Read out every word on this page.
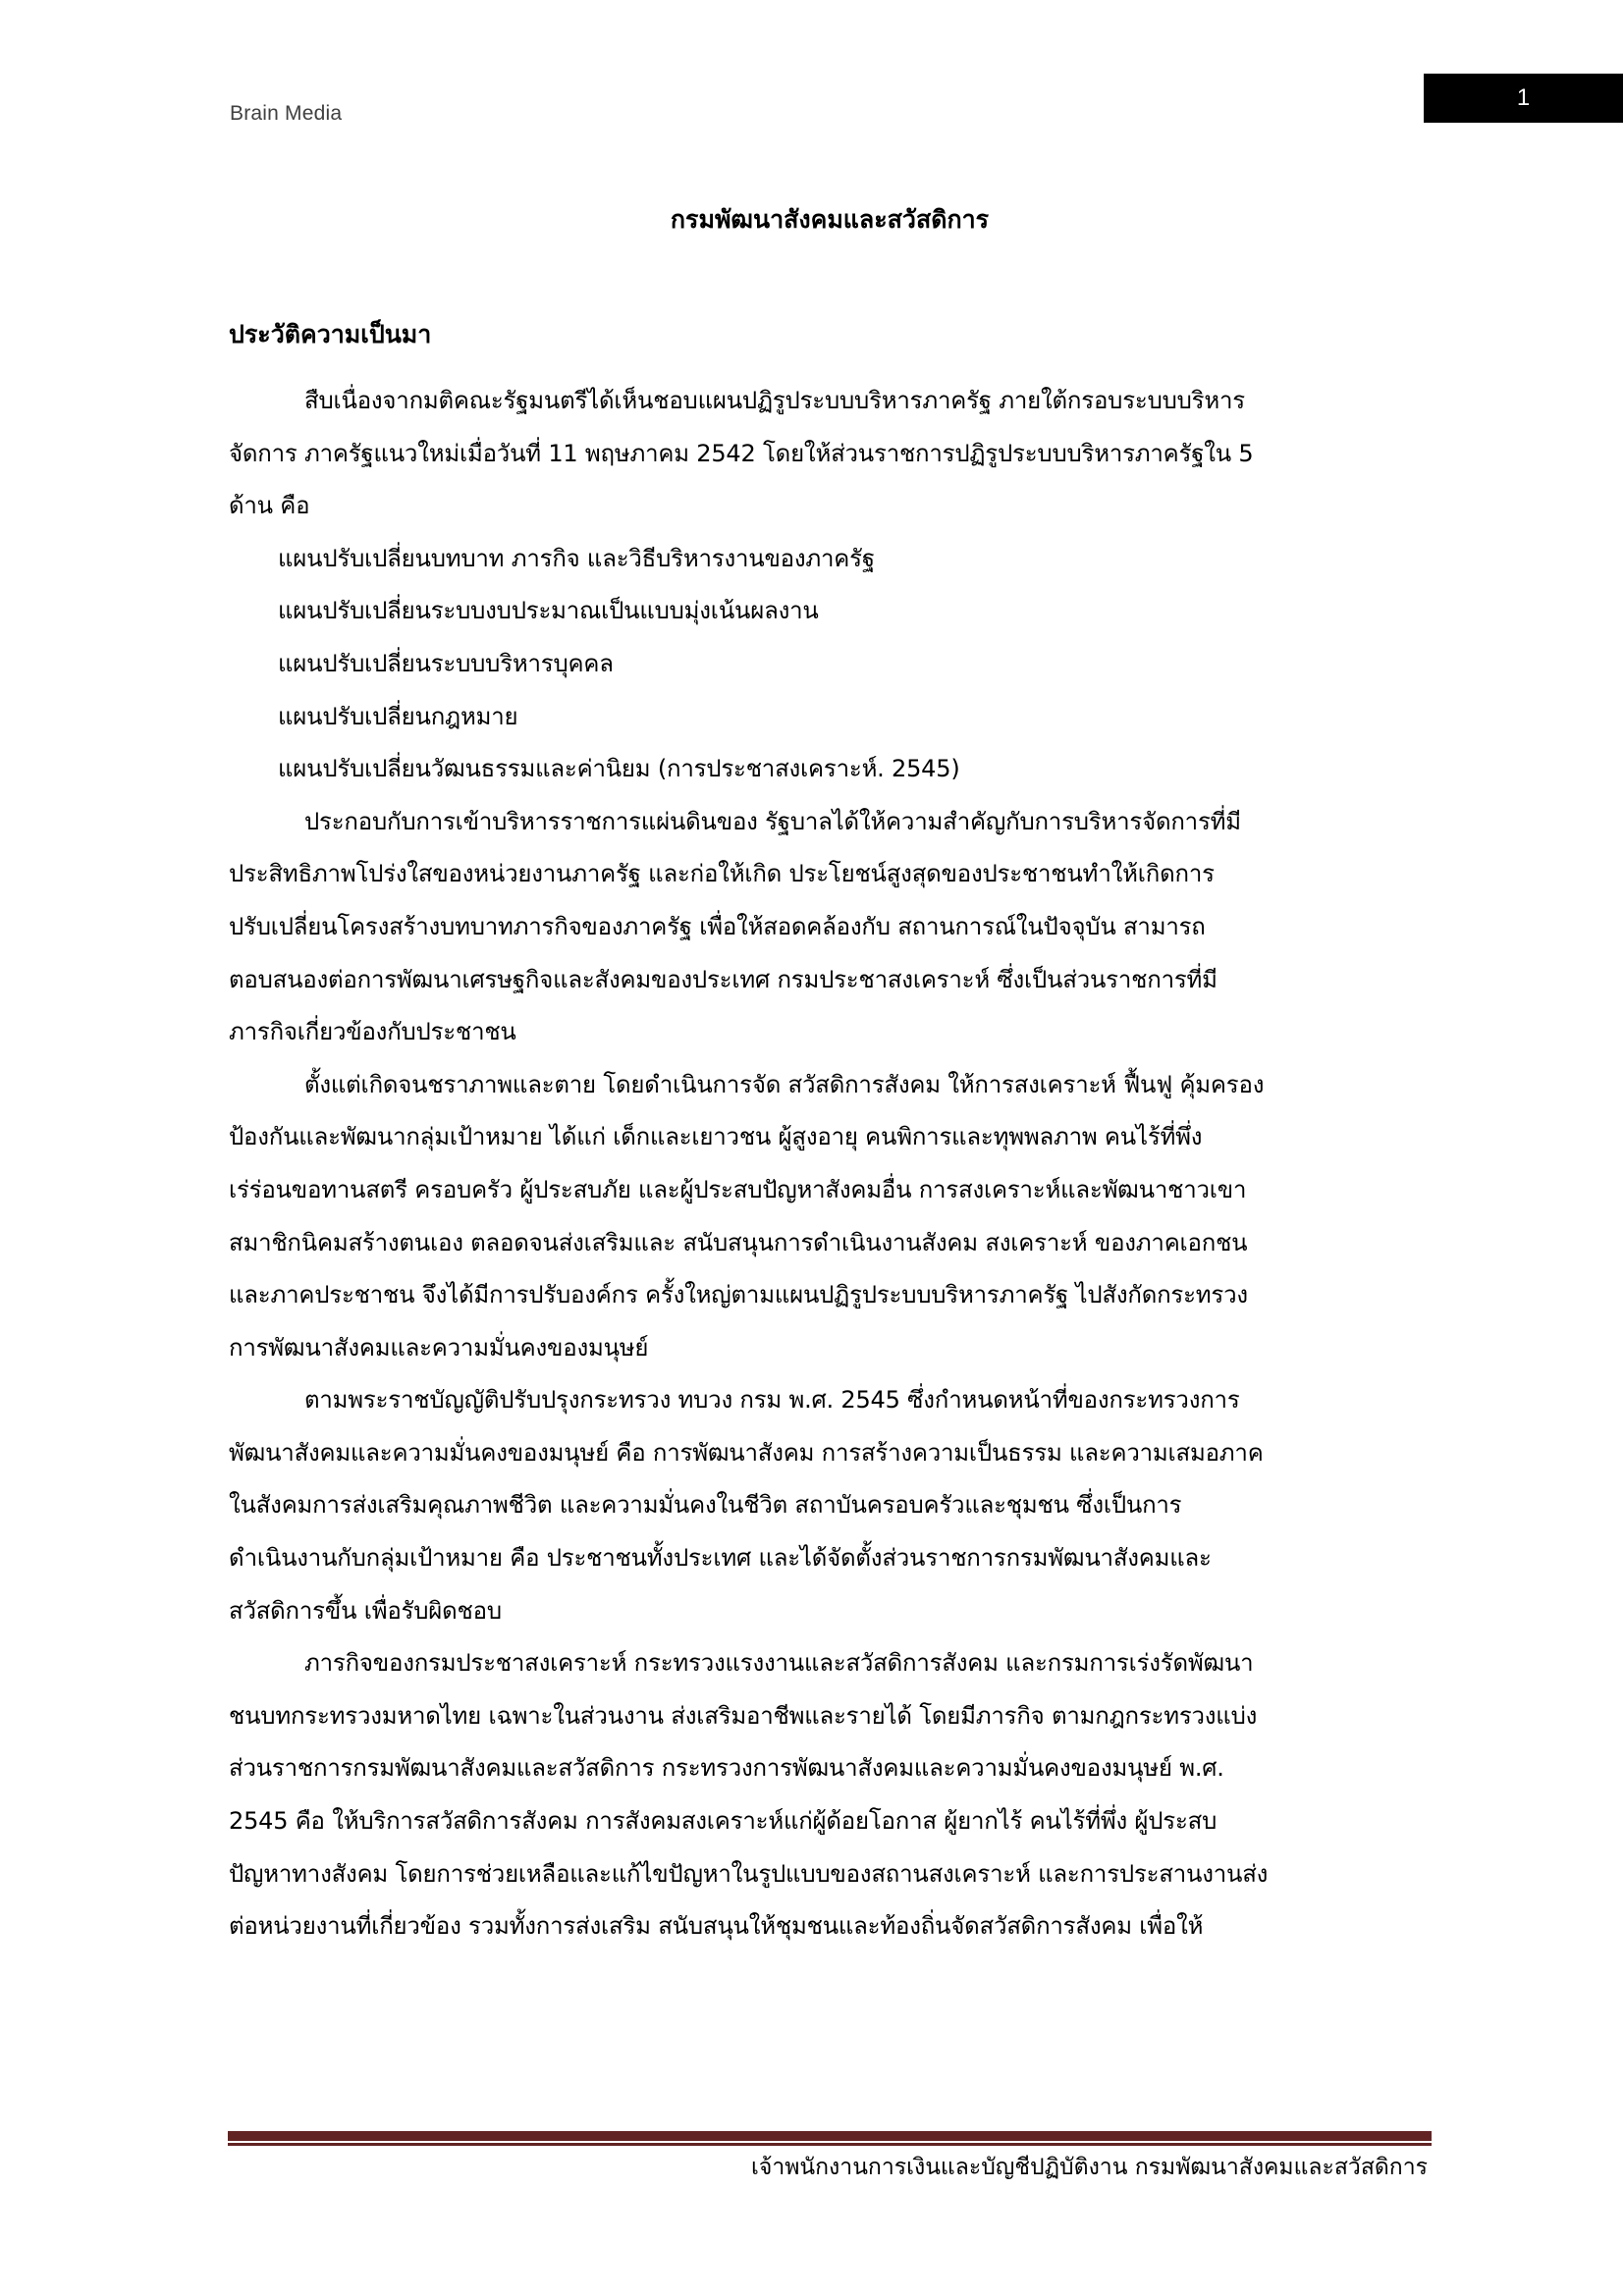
Brain Media
1
กรมพัฒนาสังคมและสวัสดิการ
ประวัติความเป็นมา
สืบเนื่องจากมติคณะรัฐมนตรีได้เห็นชอบแผนปฏิรูประบบบริหารภาครัฐ ภายใต้กรอบระบบบริหาร
จัดการ ภาครัฐแนวใหม่เมื่อวันที่ 11 พฤษภาคม 2542 โดยให้ส่วนราชการปฏิรูประบบบริหารภาครัฐใน 5
ด้าน คือ
แผนปรับเปลี่ยนบทบาท ภารกิจ และวิธีบริหารงานของภาครัฐ
แผนปรับเปลี่ยนระบบงบประมาณเป็นแบบมุ่งเน้นผลงาน
แผนปรับเปลี่ยนระบบบริหารบุคคล
แผนปรับเปลี่ยนกฎหมาย
แผนปรับเปลี่ยนวัฒนธรรมและค่านิยม (การประชาสงเคราะห์. 2545)
ประกอบกับการเข้าบริหารราชการแผ่นดินของ รัฐบาลได้ให้ความสำคัญกับการบริหารจัดการที่มี
ประสิทธิภาพโปร่งใสของหน่วยงานภาครัฐ และก่อให้เกิด ประโยชน์สูงสุดของประชาชนทำให้เกิดการ
ปรับเปลี่ยนโครงสร้างบทบาทภารกิจของภาครัฐ เพื่อให้สอดคล้องกับ สถานการณ์ในปัจจุบัน สามารถ
ตอบสนองต่อการพัฒนาเศรษฐกิจและสังคมของประเทศ กรมประชาสงเคราะห์ ซึ่งเป็นส่วนราชการที่มี
ภารกิจเกี่ยวข้องกับประชาชน
ตั้งแต่เกิดจนชราภาพและตาย โดยดำเนินการจัด สวัสดิการสังคม ให้การสงเคราะห์ ฟื้นฟู คุ้มครอง
ป้องกันและพัฒนากลุ่มเป้าหมาย ได้แก่ เด็กและเยาวชน ผู้สูงอายุ คนพิการและทุพพลภาพ คนไร้ที่พึ่ง
เร่ร่อนขอทานสตรี ครอบครัว ผู้ประสบภัย และผู้ประสบปัญหาสังคมอื่น การสงเคราะห์และพัฒนาชาวเขา
สมาชิกนิคมสร้างตนเอง ตลอดจนส่งเสริมและ สนับสนุนการดำเนินงานสังคม สงเคราะห์ ของภาคเอกชน
และภาคประชาชน จึงได้มีการปรับองค์กร ครั้งใหญ่ตามแผนปฏิรูประบบบริหารภาครัฐ ไปสังกัดกระทรวง
การพัฒนาสังคมและความมั่นคงของมนุษย์
ตามพระราชบัญญัติปรับปรุงกระทรวง ทบวง กรม พ.ศ. 2545 ซึ่งกำหนดหน้าที่ของกระทรวงการ
พัฒนาสังคมและความมั่นคงของมนุษย์ คือ การพัฒนาสังคม การสร้างความเป็นธรรม และความเสมอภาค
ในสังคมการส่งเสริมคุณภาพชีวิต และความมั่นคงในชีวิต สถาบันครอบครัวและชุมชน ซึ่งเป็นการ
ดำเนินงานกับกลุ่มเป้าหมาย คือ ประชาชนทั้งประเทศ และได้จัดตั้งส่วนราชการกรมพัฒนาสังคมและ
สวัสดิการขึ้น เพื่อรับผิดชอบ
ภารกิจของกรมประชาสงเคราะห์ กระทรวงแรงงานและสวัสดิการสังคม และกรมการเร่งรัดพัฒนา
ชนบทกระทรวงมหาดไทย เฉพาะในส่วนงาน ส่งเสริมอาชีพและรายได้ โดยมีภารกิจ ตามกฎกระทรวงแบ่ง
ส่วนราชการกรมพัฒนาสังคมและสวัสดิการ กระทรวงการพัฒนาสังคมและความมั่นคงของมนุษย์ พ.ศ.
2545 คือ ให้บริการสวัสดิการสังคม การสังคมสงเคราะห์แก่ผู้ด้อยโอกาส ผู้ยากไร้ คนไร้ที่พึ่ง ผู้ประสบ
ปัญหาทางสังคม โดยการช่วยเหลือและแก้ไขปัญหาในรูปแบบของสถานสงเคราะห์ และการประสานงานส่ง
ต่อหน่วยงานที่เกี่ยวข้อง รวมทั้งการส่งเสริม สนับสนุนให้ชุมชนและท้องถิ่นจัดสวัสดิการสังคม เพื่อให้
เจ้าพนักงานการเงินและบัญชีปฏิบัติงาน กรมพัฒนาสังคมและสวัสดิการ
